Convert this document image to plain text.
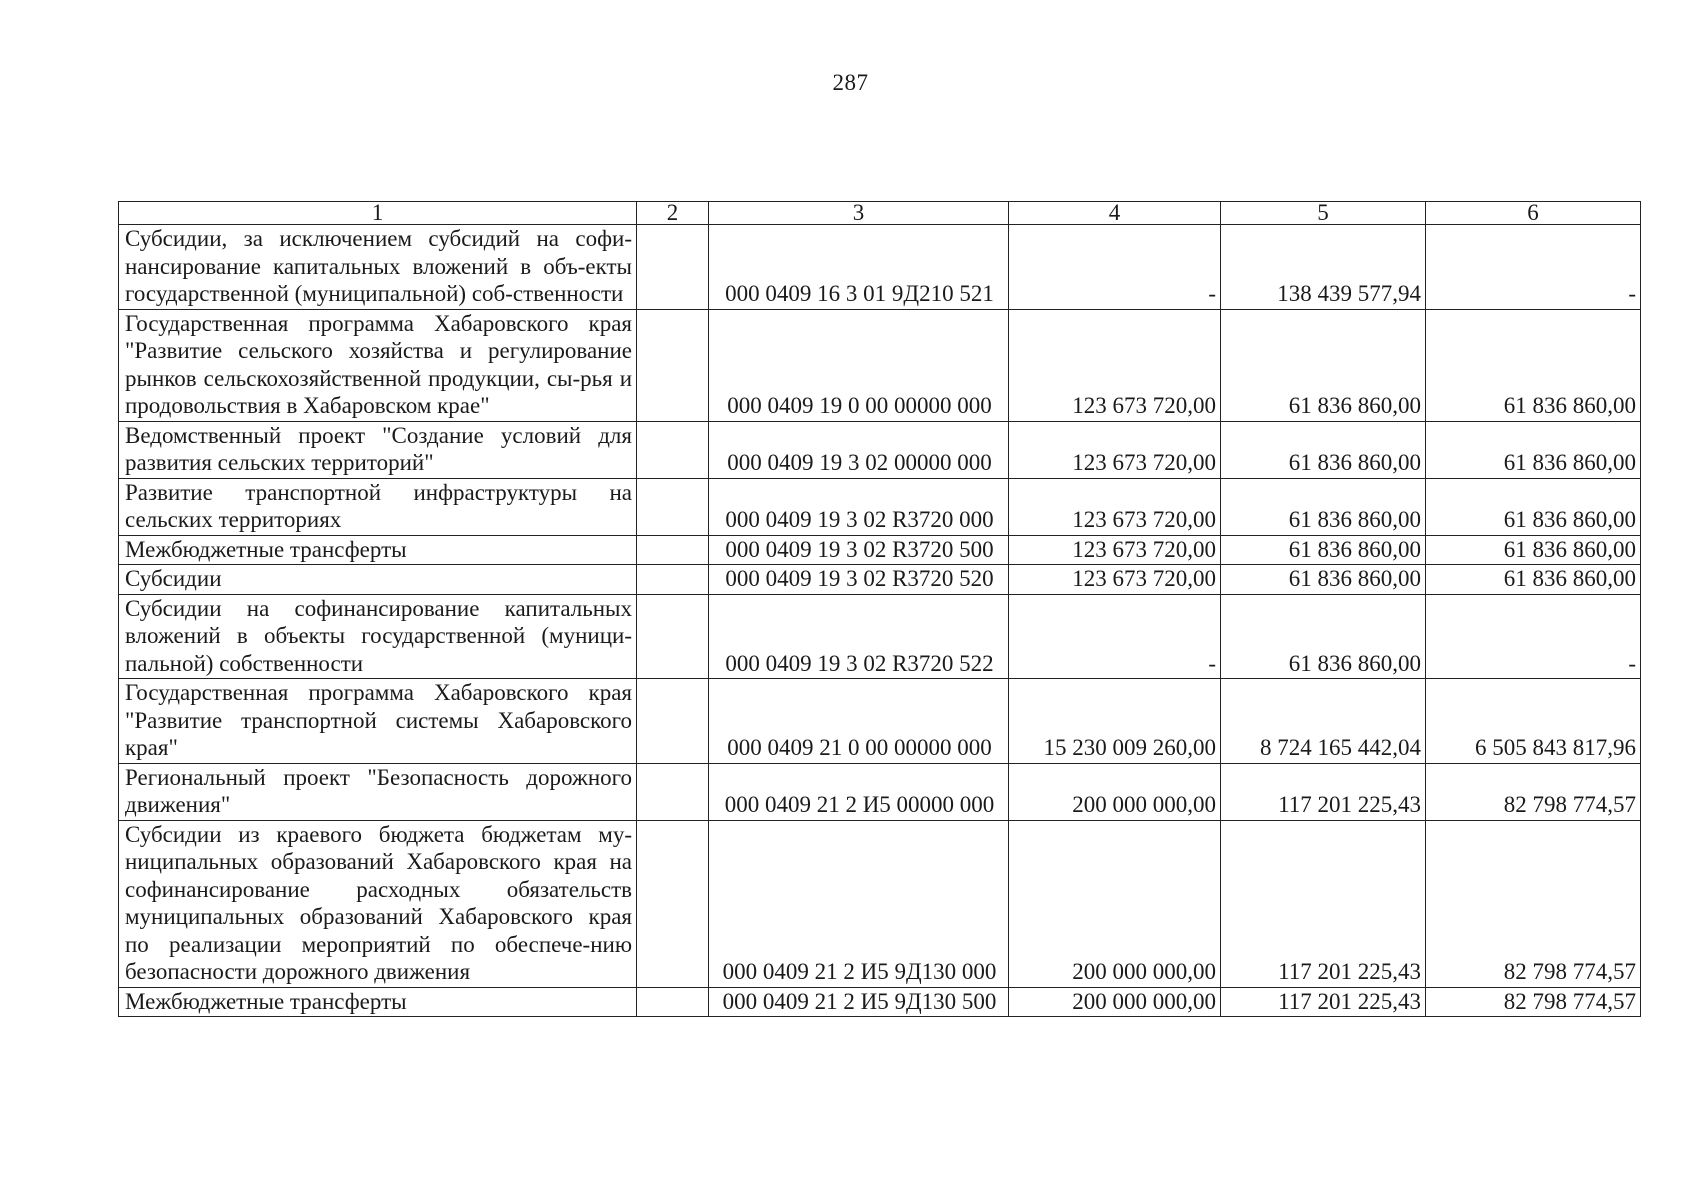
287
1	2	3	4	5	6
Субсидии, за исключением субсидий на софи-нансирование капитальных вложений в объ-екты государственной (муниципальной) соб-ственности		000 0409 16 3 01 9Д210 521	-	138 439 577,94	-
Государственная программа Хабаровского края "Развитие сельского хозяйства и регулирование рынков сельскохозяйственной продукции, сы-рья и продовольствия в Хабаровском крае"		000 0409 19 0 00 00000 000	123 673 720,00	61 836 860,00	61 836 860,00
Ведомственный проект "Создание условий для развития сельских территорий"		000 0409 19 3 02 00000 000	123 673 720,00	61 836 860,00	61 836 860,00
Развитие транспортной инфраструктуры на сельских территориях		000 0409 19 3 02 R3720 000	123 673 720,00	61 836 860,00	61 836 860,00
Межбюджетные трансферты		000 0409 19 3 02 R3720 500	123 673 720,00	61 836 860,00	61 836 860,00
Субсидии		000 0409 19 3 02 R3720 520	123 673 720,00	61 836 860,00	61 836 860,00
Субсидии на софинансирование капитальных вложений в объекты государственной (муници-пальной) собственности		000 0409 19 3 02 R3720 522	-	61 836 860,00	-
Государственная программа Хабаровского края "Развитие транспортной системы Хабаровского края"		000 0409 21 0 00 00000 000	15 230 009 260,00	8 724 165 442,04	6 505 843 817,96
Региональный проект "Безопасность дорожного движения"		000 0409 21 2 И5 00000 000	200 000 000,00	117 201 225,43	82 798 774,57
Субсидии из краевого бюджета бюджетам му-ниципальных образований Хабаровского края на софинансирование расходных обязательств муниципальных образований Хабаровского края по реализации мероприятий по обеспече-нию безопасности дорожного движения		000 0409 21 2 И5 9Д130 000	200 000 000,00	117 201 225,43	82 798 774,57
Межбюджетные трансферты		000 0409 21 2 И5 9Д130 500	200 000 000,00	117 201 225,43	82 798 774,57
